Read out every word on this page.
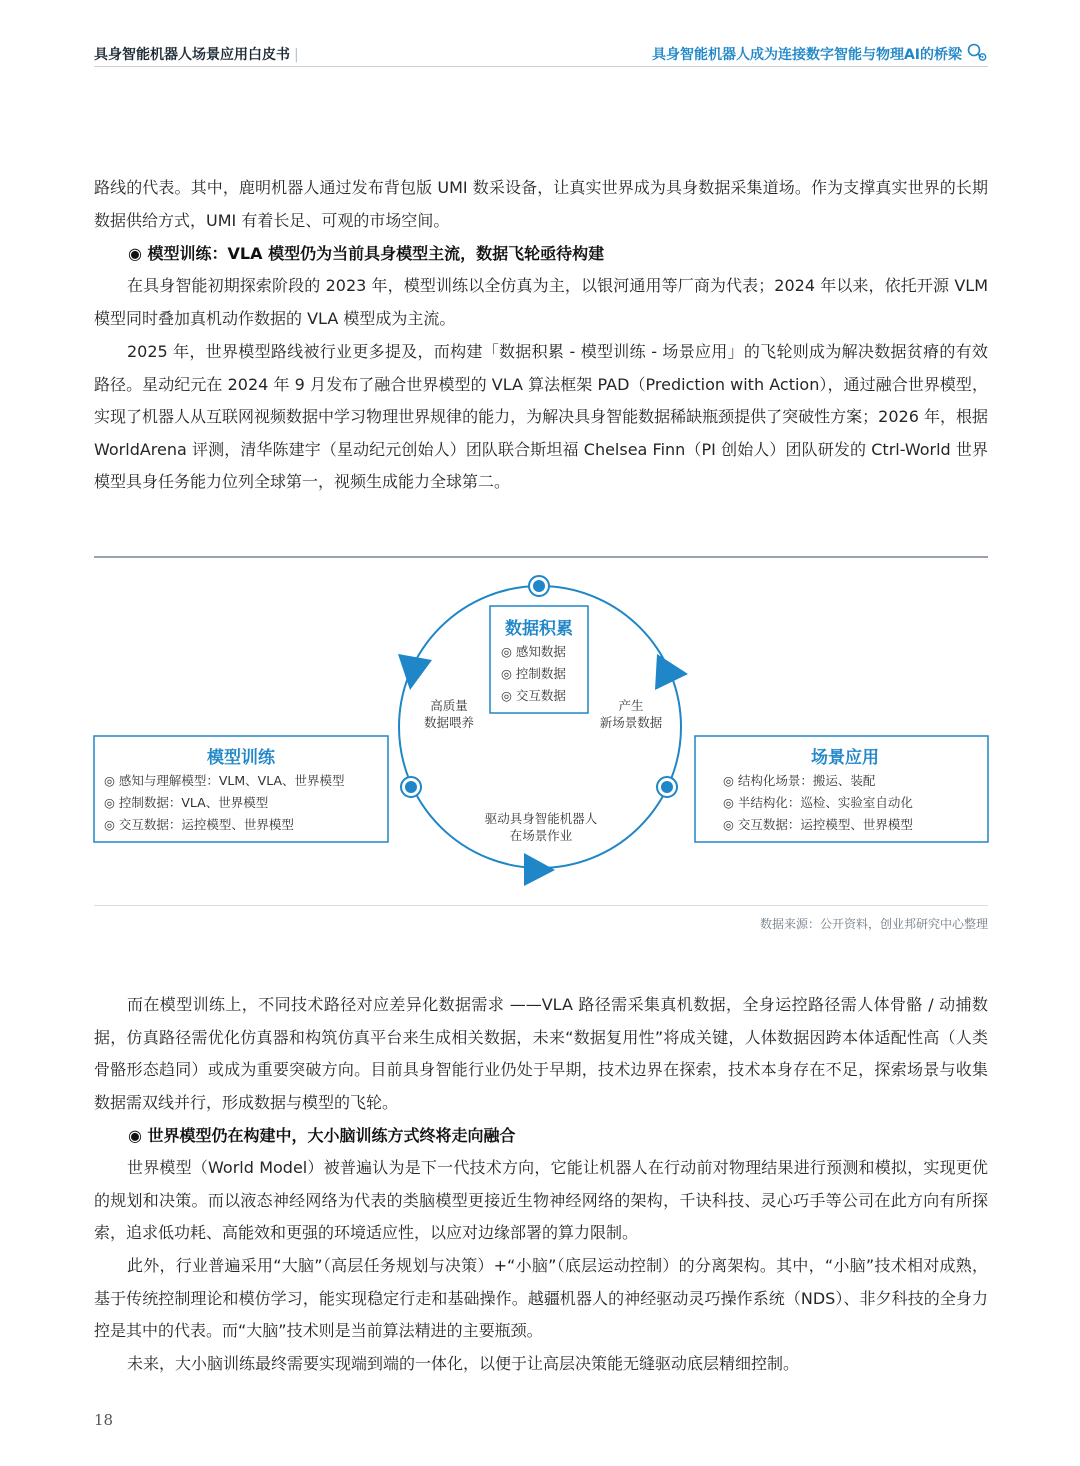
具身智能机器人场景应用白皮书 |	具身智能机器人成为连接数字智能与物理AI的桥梁

路线的代表。其中，鹿明机器人通过发布背包版 UMI 数采设备，让真实世界成为具身数据采集道场。作为支撑真实世界的长期数据供给方式，UMI 有着长足、可观的市场空间。

◉ 模型训练：VLA 模型仍为当前具身模型主流，数据飞轮亟待构建

在具身智能初期探索阶段的 2023 年，模型训练以全仿真为主，以银河通用等厂商为代表；2024 年以来，依托开源 VLM 模型同时叠加真机动作数据的 VLA 模型成为主流。

2025 年，世界模型路线被行业更多提及，而构建「数据积累 - 模型训练 - 场景应用」的飞轮则成为解决数据贫瘠的有效路径。星动纪元在 2024 年 9 月发布了融合世界模型的 VLA 算法框架 PAD（Prediction with Action），通过融合世界模型，实现了机器人从互联网视频数据中学习物理世界规律的能力，为解决具身智能数据稀缺瓶颈提供了突破性方案；2026 年，根据 WorldArena 评测，清华陈建宇（星动纪元创始人）团队联合斯坦福 Chelsea Finn（PI 创始人）团队研发的 Ctrl-World 世界模型具身任务能力位列全球第一，视频生成能力全球第二。

数据积累
◎ 感知数据
◎ 控制数据
◎ 交互数据
模型训练
◎ 感知与理解模型：VLM、VLA、世界模型
◎ 控制数据：VLA、世界模型
◎ 交互数据：运控模型、世界模型
场景应用
◎ 结构化场景：搬运、装配
◎ 半结构化：巡检、实验室自动化
◎ 交互数据：运控模型、世界模型
高质量
数据喂养
产生
新场景数据
驱动具身智能机器人
在场景作业
数据来源：公开资料，创业邦研究中心整理

而在模型训练上，不同技术路径对应差异化数据需求 ——VLA 路径需采集真机数据，全身运控路径需人体骨骼 / 动捕数据，仿真路径需优化仿真器和构筑仿真平台来生成相关数据，未来“数据复用性”将成关键，人体数据因跨本体适配性高（人类骨骼形态趋同）或成为重要突破方向。目前具身智能行业仍处于早期，技术边界在探索，技术本身存在不足，探索场景与收集数据需双线并行，形成数据与模型的飞轮。

◉ 世界模型仍在构建中，大小脑训练方式终将走向融合

世界模型（World Model）被普遍认为是下一代技术方向，它能让机器人在行动前对物理结果进行预测和模拟，实现更优的规划和决策。而以液态神经网络为代表的类脑模型更接近生物神经网络的架构，千诀科技、灵心巧手等公司在此方向有所探索，追求低功耗、高能效和更强的环境适应性，以应对边缘部署的算力限制。

此外，行业普遍采用“大脑”（高层任务规划与决策）+“小脑”（底层运动控制）的分离架构。其中，“小脑”技术相对成熟，基于传统控制理论和模仿学习，能实现稳定行走和基础操作。越疆机器人的神经驱动灵巧操作系统（NDS）、非夕科技的全身力控是其中的代表。而“大脑”技术则是当前算法精进的主要瓶颈。

未来，大小脑训练最终需要实现端到端的一体化，以便于让高层决策能无缝驱动底层精细控制。

18
